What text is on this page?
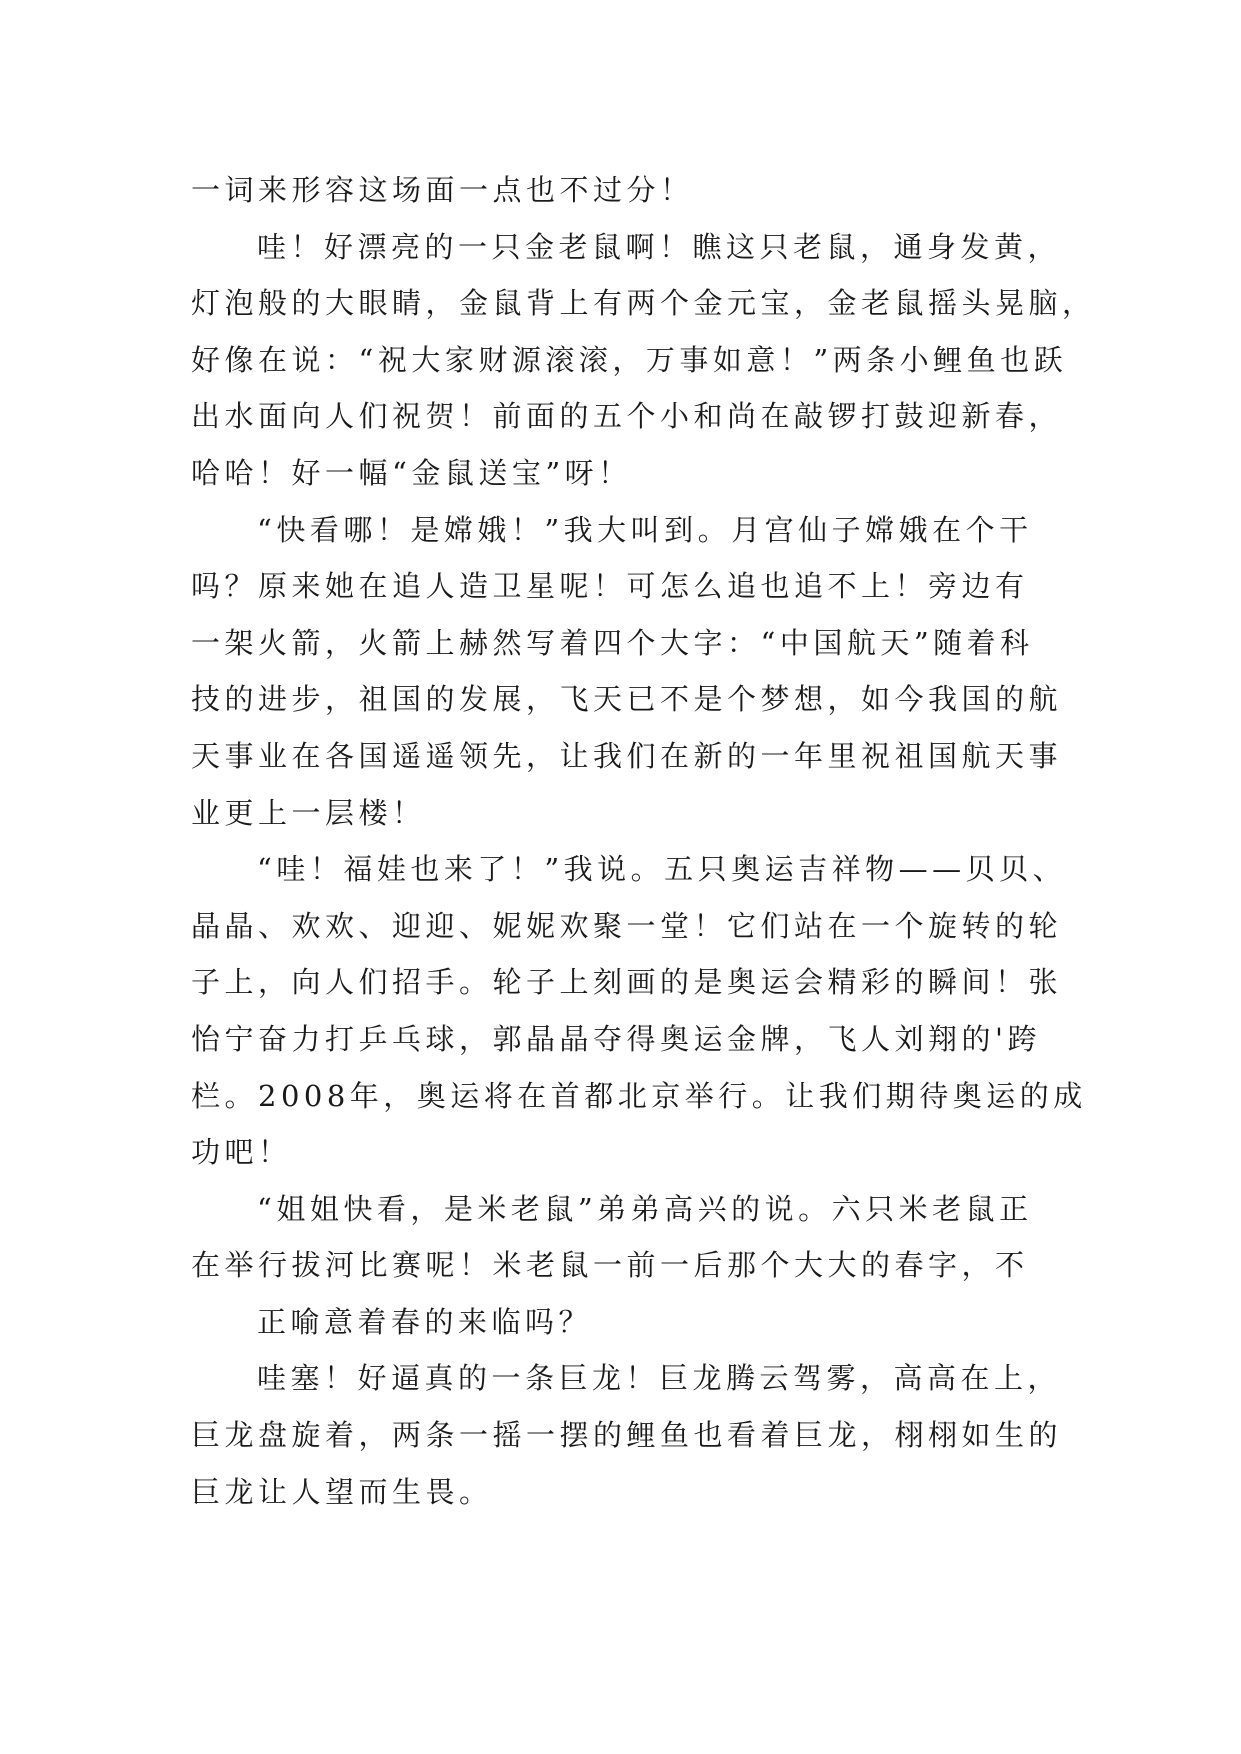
一词来形容这场面一点也不过分！
哇！好漂亮的一只金老鼠啊！瞧这只老鼠，通身发黄，
灯泡般的大眼睛，金鼠背上有两个金元宝，金老鼠摇头晃脑，
好像在说：“祝大家财源滚滚，万事如意！”两条小鲤鱼也跃
出水面向人们祝贺！前面的五个小和尚在敲锣打鼓迎新春，
哈哈！好一幅“金鼠送宝”呀！
“快看哪！是嫦娥！”我大叫到。月宫仙子嫦娥在个干
吗？原来她在追人造卫星呢！可怎么追也追不上！旁边有
一架火箭，火箭上赫然写着四个大字：“中国航天”随着科
技的进步，祖国的发展，飞天已不是个梦想，如今我国的航
天事业在各国遥遥领先，让我们在新的一年里祝祖国航天事
业更上一层楼！
“哇！福娃也来了！”我说。五只奥运吉祥物——贝贝、
晶晶、欢欢、迎迎、妮妮欢聚一堂！它们站在一个旋转的轮
子上，向人们招手。轮子上刻画的是奥运会精彩的瞬间！张
怡宁奋力打乒乓球，郭晶晶夺得奥运金牌，飞人刘翔的'跨
栏。2008年，奥运将在首都北京举行。让我们期待奥运的成
功吧！
“姐姐快看，是米老鼠”弟弟高兴的说。六只米老鼠正
在举行拔河比赛呢！米老鼠一前一后那个大大的春字，不
正喻意着春的来临吗？
哇塞！好逼真的一条巨龙！巨龙腾云驾雾，高高在上，
巨龙盘旋着，两条一摇一摆的鲤鱼也看着巨龙，栩栩如生的
巨龙让人望而生畏。
